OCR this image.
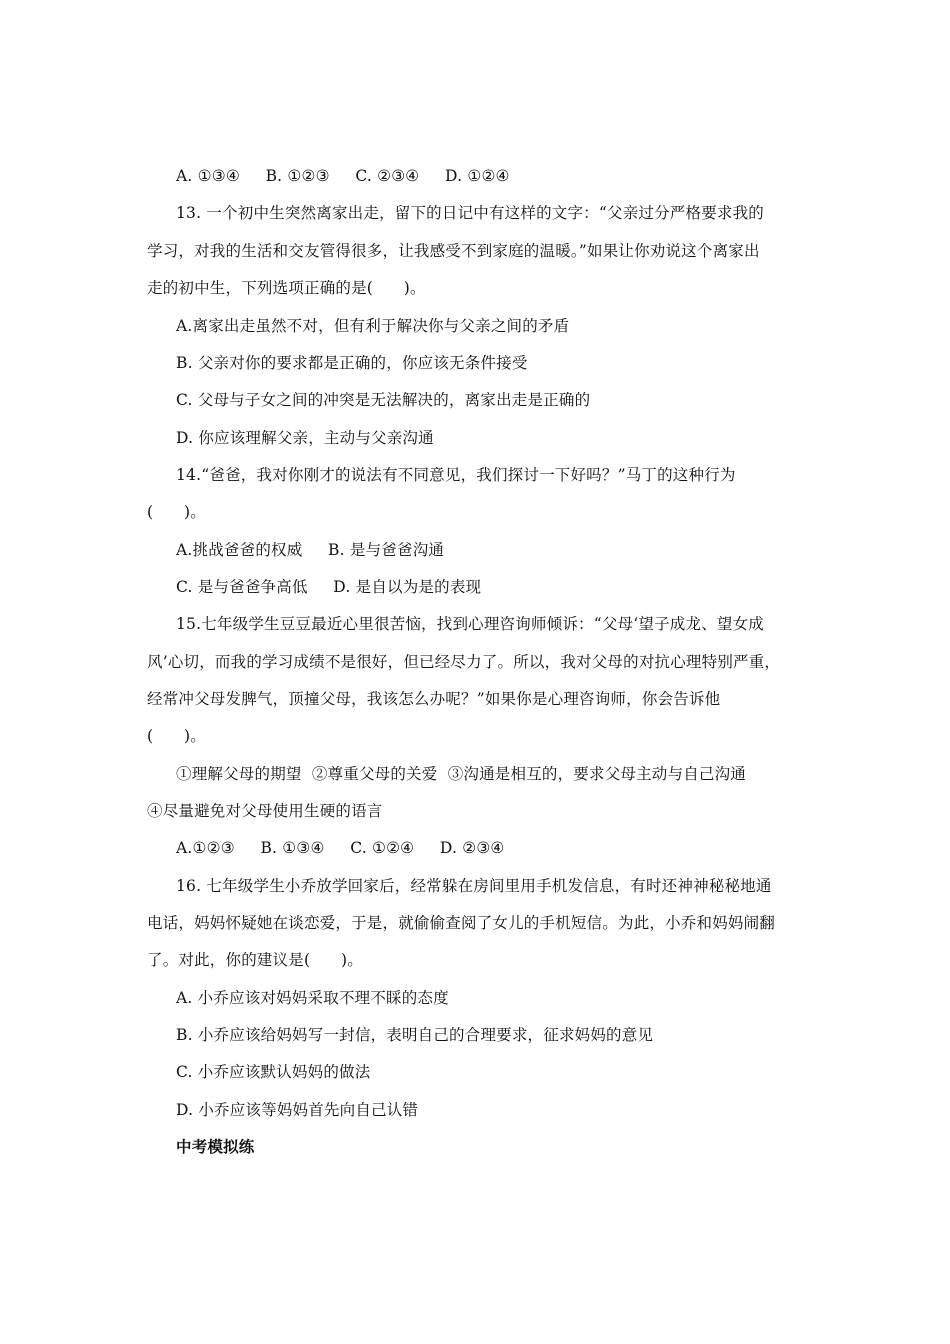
A. ①③④     B. ①②③     C. ②③④     D. ①②④
13. 一个初中生突然离家出走，留下的日记中有这样的文字：“父亲过分严格要求我的
学习，对我的生活和交友管得很多，让我感受不到家庭的温暖。”如果让你劝说这个离家出
走的初中生，下列选项正确的是(      )。
A.离家出走虽然不对，但有利于解决你与父亲之间的矛盾
B. 父亲对你的要求都是正确的，你应该无条件接受
C. 父母与子女之间的冲突是无法解决的，离家出走是正确的
D. 你应该理解父亲，主动与父亲沟通
14.“爸爸，我对你刚才的说法有不同意见，我们探讨一下好吗？”马丁的这种行为
(      )。
A.挑战爸爸的权威     B. 是与爸爸沟通
C. 是与爸爸争高低     D. 是自以为是的表现
15.七年级学生豆豆最近心里很苦恼，找到心理咨询师倾诉：“父母‘望子成龙、望女成
风’心切，而我的学习成绩不是很好，但已经尽力了。所以，我对父母的对抗心理特别严重，
经常冲父母发脾气，顶撞父母，我该怎么办呢？”如果你是心理咨询师，你会告诉他
(      )。
①理解父母的期望  ②尊重父母的关爱  ③沟通是相互的，要求父母主动与自己沟通
④尽量避免对父母使用生硬的语言
A.①②③     B. ①③④     C. ①②④     D. ②③④
16. 七年级学生小乔放学回家后，经常躲在房间里用手机发信息，有时还神神秘秘地通
电话，妈妈怀疑她在谈恋爱，于是，就偷偷查阅了女儿的手机短信。为此，小乔和妈妈闹翻
了。对此，你的建议是(      )。
A. 小乔应该对妈妈采取不理不睬的态度
B. 小乔应该给妈妈写一封信，表明自己的合理要求，征求妈妈的意见
C. 小乔应该默认妈妈的做法
D. 小乔应该等妈妈首先向自己认错
中考模拟练
